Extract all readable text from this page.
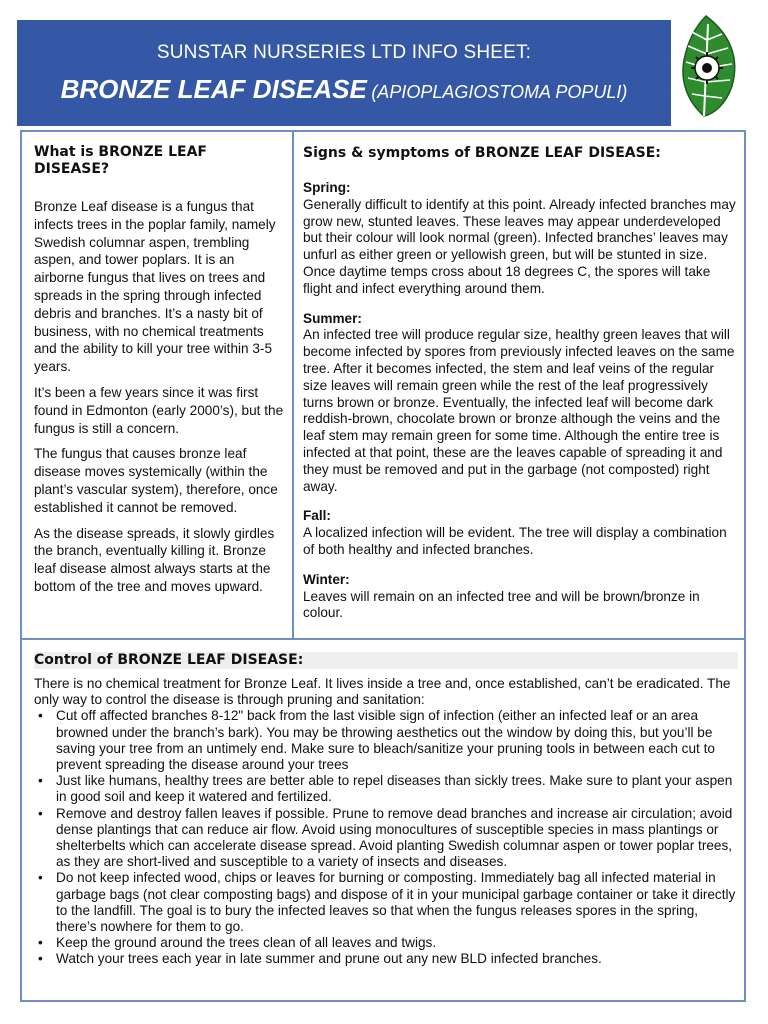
SUNSTAR NURSERIES LTD INFO SHEET:
BRONZE LEAF DISEASE (APIOPLAGIOSTOMA POPULI)
What is BRONZE LEAF DISEASE?

Bronze Leaf disease is a fungus that infects trees in the poplar family, namely Swedish columnar aspen, trembling aspen, and tower poplars. It is an airborne fungus that lives on trees and spreads in the spring through infected debris and branches. It’s a nasty bit of business, with no chemical treatments and the ability to kill your tree within 3-5 years.

It’s been a few years since it was first found in Edmonton (early 2000’s), but the fungus is still a concern.

The fungus that causes bronze leaf disease moves systemically (within the plant’s vascular system), therefore, once established it cannot be removed.

As the disease spreads, it slowly girdles the branch, eventually killing it. Bronze leaf disease almost always starts at the bottom of the tree and moves upward.

Signs & symptoms of BRONZE LEAF DISEASE:
Spring:
Generally difficult to identify at this point. Already infected branches may grow new, stunted leaves. These leaves may appear underdeveloped but their colour will look normal (green). Infected branches’ leaves may unfurl as either green or yellowish green, but will be stunted in size. Once daytime temps cross about 18 degrees C, the spores will take flight and infect everything around them.
Summer:
An infected tree will produce regular size, healthy green leaves that will become infected by spores from previously infected leaves on the same tree. After it becomes infected, the stem and leaf veins of the regular size leaves will remain green while the rest of the leaf progressively turns brown or bronze. Eventually, the infected leaf will become dark reddish-brown, chocolate brown or bronze although the veins and the leaf stem may remain green for some time. Although the entire tree is infected at that point, these are the leaves capable of spreading it and they must be removed and put in the garbage (not composted) right away.
Fall:
A localized infection will be evident. The tree will display a combination of both healthy and infected branches.
Winter:
Leaves will remain on an infected tree and will be brown/bronze in colour.
Control of BRONZE LEAF DISEASE:
There is no chemical treatment for Bronze Leaf. It lives inside a tree and, once established, can’t be eradicated. The only way to control the disease is through pruning and sanitation:
• Cut off affected branches 8-12" back from the last visible sign of infection (either an infected leaf or an area browned under the branch’s bark). You may be throwing aesthetics out the window by doing this, but you’ll be saving your tree from an untimely end. Make sure to bleach/sanitize your pruning tools in between each cut to prevent spreading the disease around your trees
• Just like humans, healthy trees are better able to repel diseases than sickly trees. Make sure to plant your aspen in good soil and keep it watered and fertilized.
• Remove and destroy fallen leaves if possible. Prune to remove dead branches and increase air circulation; avoid dense plantings that can reduce air flow. Avoid using monocultures of susceptible species in mass plantings or shelterbelts which can accelerate disease spread. Avoid planting Swedish columnar aspen or tower poplar trees, as they are short-lived and susceptible to a variety of insects and diseases.
• Do not keep infected wood, chips or leaves for burning or composting. Immediately bag all infected material in garbage bags (not clear composting bags) and dispose of it in your municipal garbage container or take it directly to the landfill. The goal is to bury the infected leaves so that when the fungus releases spores in the spring, there’s nowhere for them to go.
• Keep the ground around the trees clean of all leaves and twigs.
• Watch your trees each year in late summer and prune out any new BLD infected branches.
